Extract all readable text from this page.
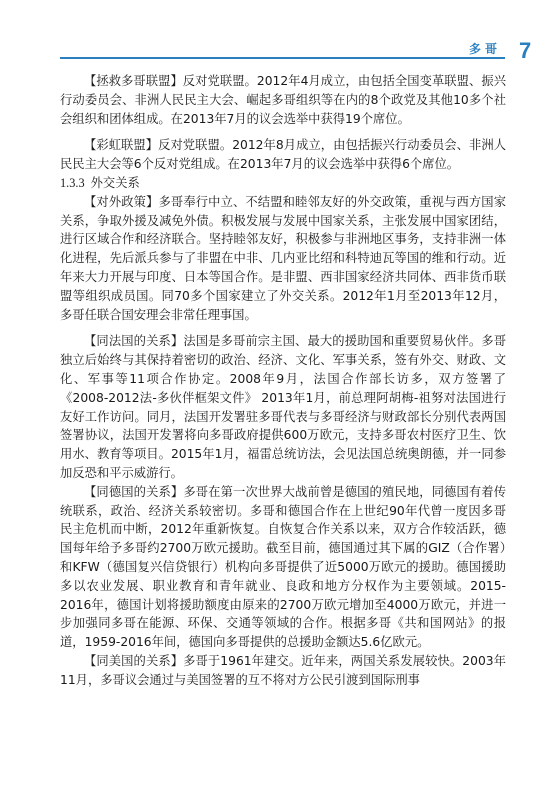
多哥 7

【拯救多哥联盟】反对党联盟。2012年4月成立，由包括全国变革联盟、振兴行动委员会、非洲人民民主大会、崛起多哥组织等在内的8个政党及其他10多个社会组织和团体组成。在2013年7月的议会选举中获得19个席位。

【彩虹联盟】反对党联盟。2012年8月成立，由包括振兴行动委员会、非洲人民民主大会等6个反对党组成。在2013年7月的议会选举中获得6个席位。

1.3.3 外交关系

【对外政策】多哥奉行中立、不结盟和睦邻友好的外交政策，重视与西方国家关系，争取外援及减免外债。积极发展与发展中国家关系，主张发展中国家团结，进行区域合作和经济联合。坚持睦邻友好，积极参与非洲地区事务，支持非洲一体化进程，先后派兵参与了非盟在中非、几内亚比绍和科特迪瓦等国的维和行动。近年来大力开展与印度、日本等国合作。是非盟、西非国家经济共同体、西非货币联盟等组织成员国。同70多个国家建立了外交关系。2012年1月至2013年12月，多哥任联合国安理会非常任理事国。

【同法国的关系】法国是多哥前宗主国、最大的援助国和重要贸易伙伴。多哥独立后始终与其保持着密切的政治、经济、文化、军事关系，签有外交、财政、文化、军事等11项合作协定。2008年9月，法国合作部长访多，双方签署了《2008-2012法-多伙伴框架文件》 2013年1月，前总理阿胡梅-祖努对法国进行友好工作访问。同月，法国开发署驻多哥代表与多哥经济与财政部长分别代表两国签署协议，法国开发署将向多哥政府提供600万欧元，支持多哥农村医疗卫生、饮用水、教育等项目。2015年1月，福雷总统访法，会见法国总统奥朗德，并一同参加反恐和平示威游行。

【同德国的关系】多哥在第一次世界大战前曾是德国的殖民地，同德国有着传统联系，政治、经济关系较密切。多哥和德国合作在上世纪90年代曾一度因多哥民主危机而中断，2012年重新恢复。自恢复合作关系以来，双方合作较活跃，德国每年给予多哥约2700万欧元援助。截至目前，德国通过其下属的GIZ（合作署）和KFW（德国复兴信贷银行）机构向多哥提供了近5000万欧元的援助。德国援助多以农业发展、职业教育和青年就业、良政和地方分权作为主要领域。2015-2016年，德国计划将援助额度由原来的2700万欧元增加至4000万欧元，并进一步加强同多哥在能源、环保、交通等领域的合作。根据多哥《共和国网站》的报道，1959-2016年间，德国向多哥提供的总援助金额达5.6亿欧元。

【同美国的关系】多哥于1961年建交。近年来，两国关系发展较快。2003年11月，多哥议会通过与美国签署的互不将对方公民引渡到国际刑事
